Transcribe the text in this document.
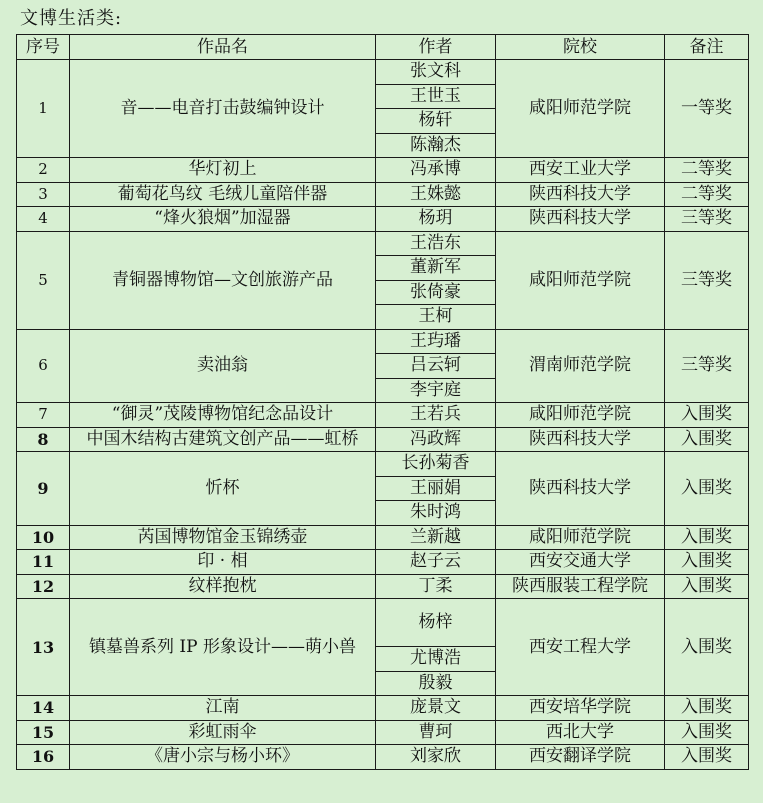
文博生活类:
序号	作品名	作者	院校	备注
1	音——电音打击鼓编钟设计	张文科	咸阳师范学院	一等奖
		王世玉		
		杨轩		
		陈瀚杰		
2	华灯初上	冯承博	西安工业大学	二等奖
3	葡萄花鸟纹 毛绒儿童陪伴器	王姝懿	陕西科技大学	二等奖
4	“烽火狼烟”加湿器	杨玥	陕西科技大学	三等奖
5	青铜器博物馆—文创旅游产品	王浩东	咸阳师范学院	三等奖
		董新军		
		张倚豪		
		王柯		
6	卖油翁	王玙璠	渭南师范学院	三等奖
		吕云轲		
		李宇庭		
7	“御灵”茂陵博物馆纪念品设计	王若兵	咸阳师范学院	入围奖
8	中国木结构古建筑文创产品——虹桥	冯政辉	陕西科技大学	入围奖
9	忻杯	长孙菊香	陕西科技大学	入围奖
		王丽娟		
		朱时鸿		
10	芮国博物馆金玉锦绣壶	兰新越	咸阳师范学院	入围奖
11	印 · 相	赵子云	西安交通大学	入围奖
12	纹样抱枕	丁柔	陕西服装工程学院	入围奖
13	镇墓兽系列 IP 形象设计——萌小兽	杨梓	西安工程大学	入围奖
		尤博浩		
		殷毅		
14	江南	庞景文	西安培华学院	入围奖
15	彩虹雨伞	曹珂	西北大学	入围奖
16	《唐小宗与杨小环》	刘家欣	西安翻译学院	入围奖
